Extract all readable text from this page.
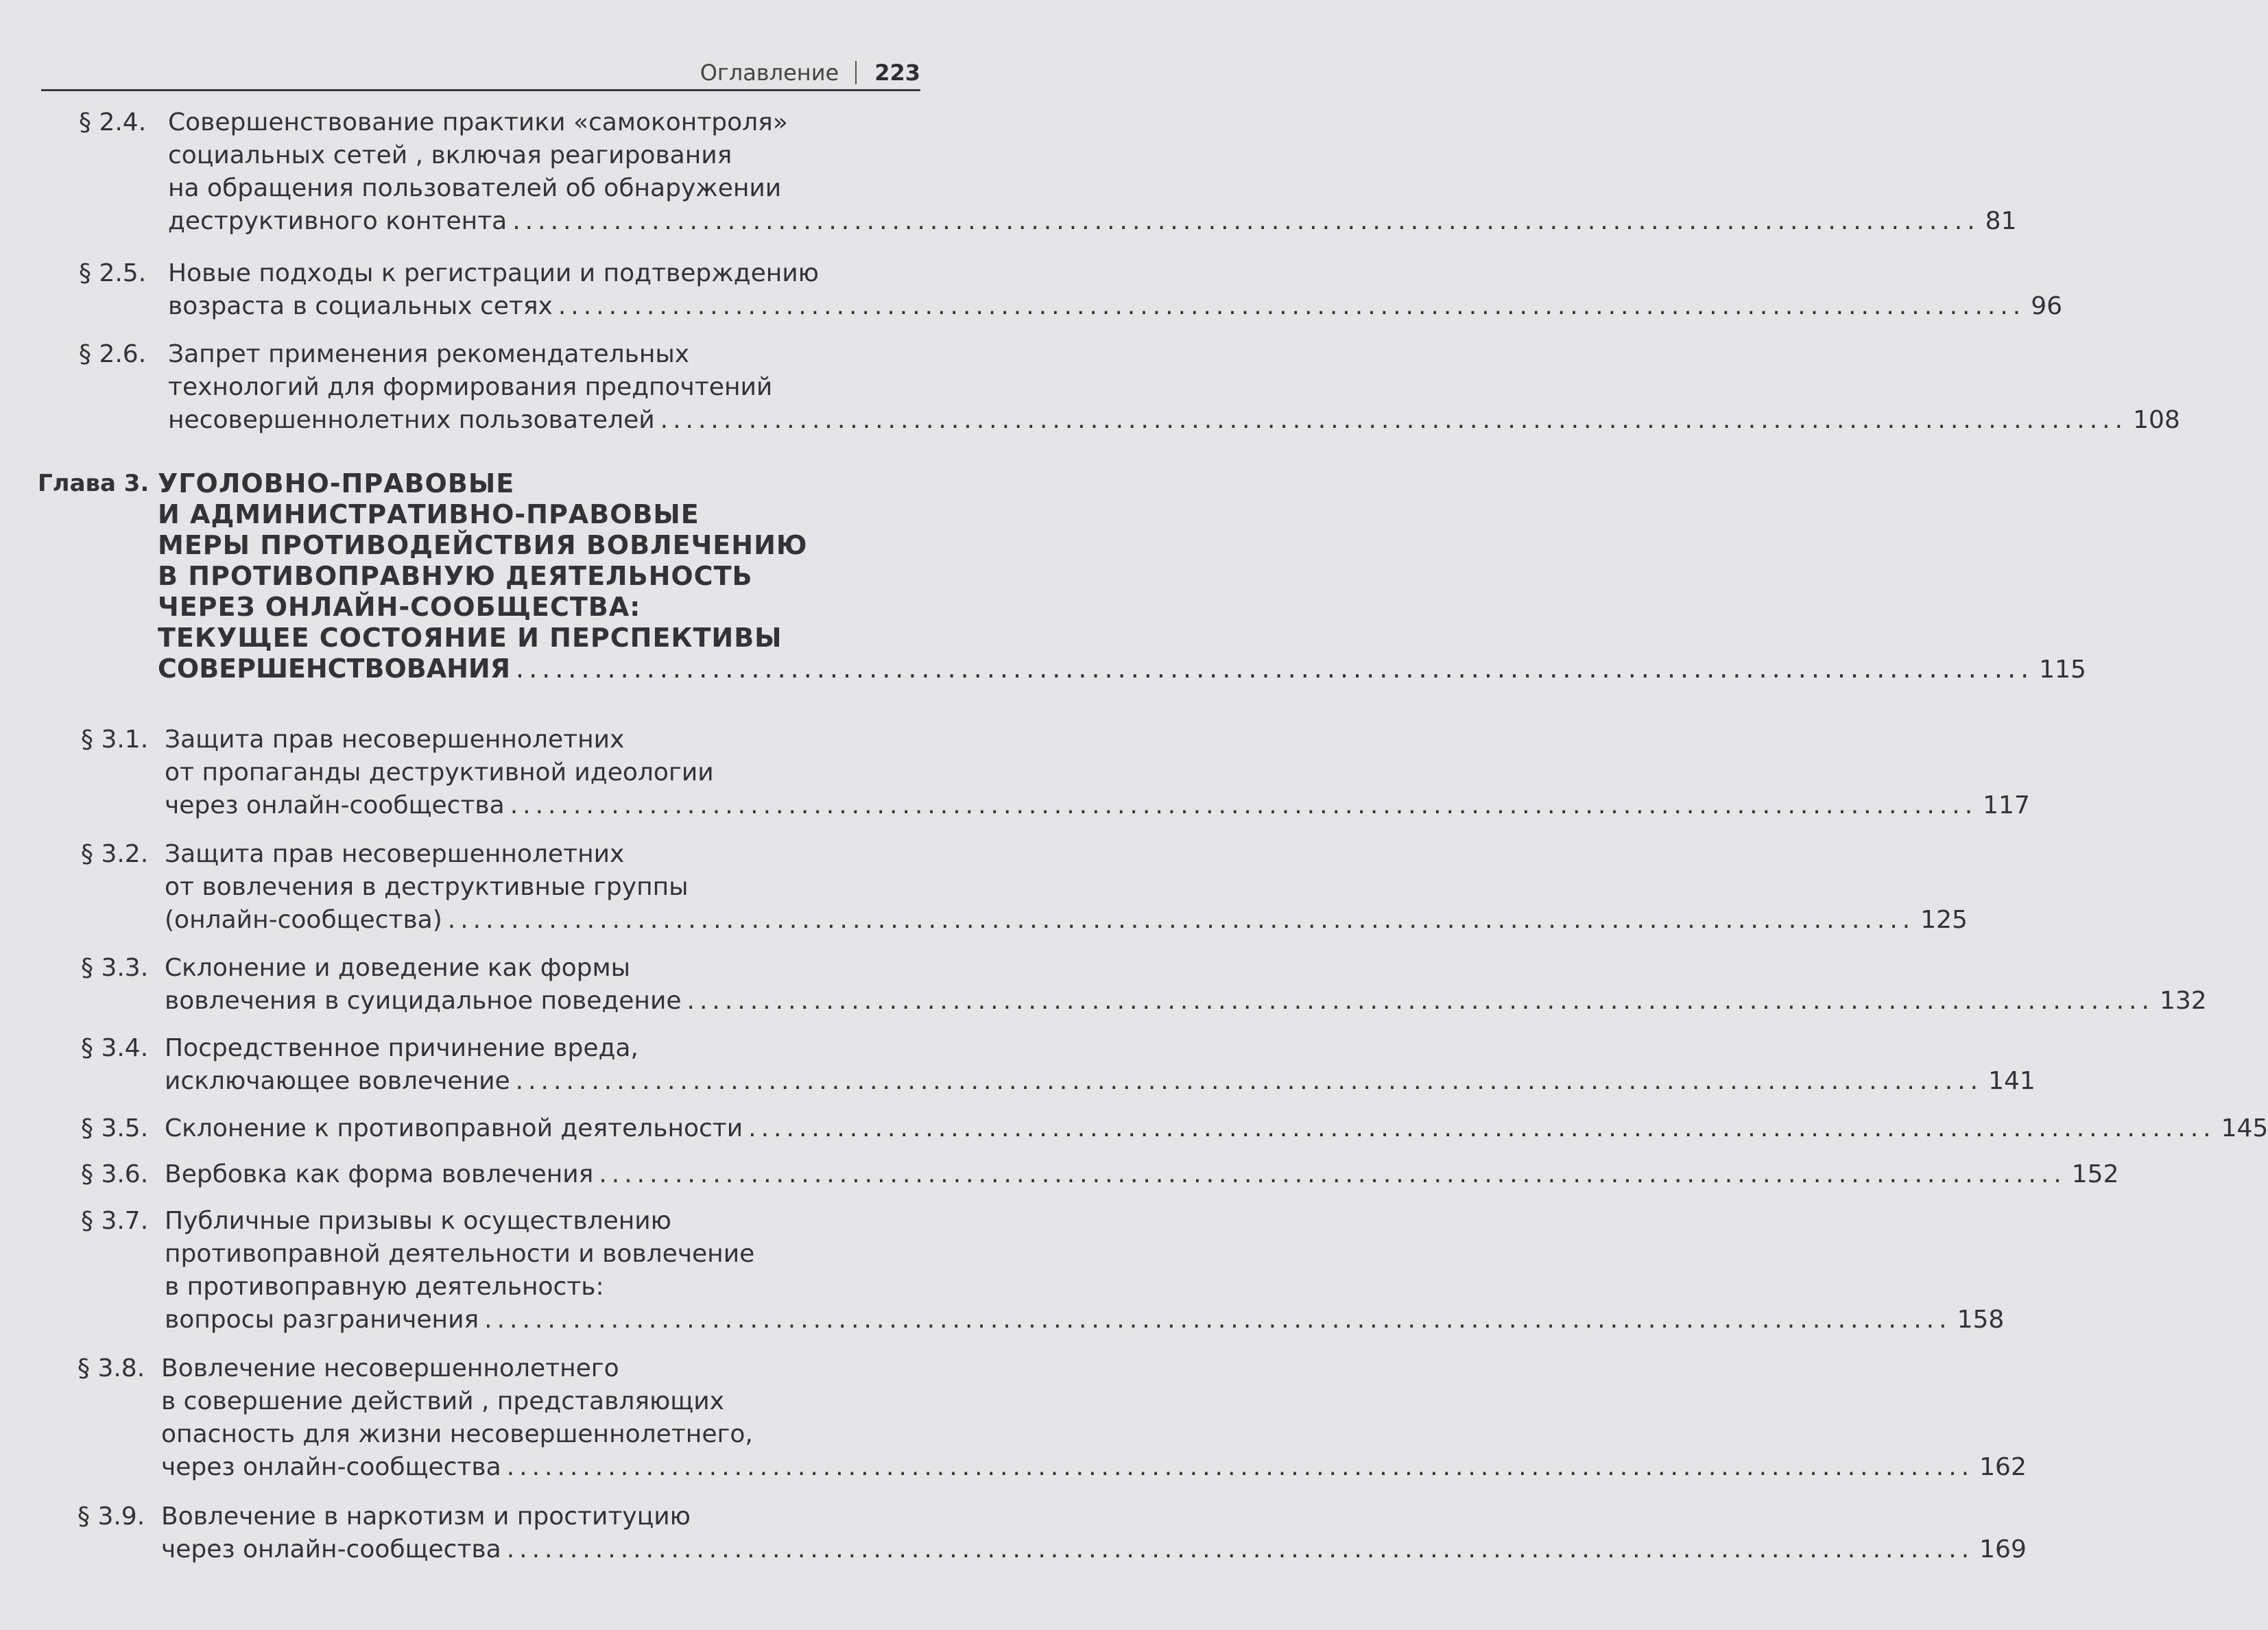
Оглавление 223
§ 2.4. Совершенствование практики «самоконтроля»
социальных сетей , включая реагирования
на обращения пользователей об обнаружении
деструктивного контента .................................................................................................................... 81
§ 2.5. Новые подходы к регистрации и подтверждению
возраста в социальных сетях .................................................................................................................... 96
§ 2.6. Запрет применения рекомендательных
технологий для формирования предпочтений
несовершеннолетних пользователей .................................................................................................................... 108
Глава 3. УГОЛОВНО-ПРАВОВЫЕ
И АДМИНИСТРАТИВНО-ПРАВОВЫЕ
МЕРЫ ПРОТИВОДЕЙСТВИЯ ВОВЛЕЧЕНИЮ
В ПРОТИВОПРАВНУЮ ДЕЯТЕЛЬНОСТЬ
ЧЕРЕЗ ОНЛАЙН-СООБЩЕСТВА:
ТЕКУЩЕЕ СОСТОЯНИЕ И ПЕРСПЕКТИВЫ
СОВЕРШЕНСТВОВАНИЯ .................................................................................................................... 115
§ 3.1. Защита прав несовершеннолетних
от пропаганды деструктивной идеологии
через онлайн-сообщества .................................................................................................................... 117
§ 3.2. Защита прав несовершеннолетних
от вовлечения в деструктивные группы
(онлайн-сообщества) .................................................................................................................... 125
§ 3.3. Склонение и доведение как формы
вовлечения в суицидальное поведение .................................................................................................................... 132
§ 3.4. Посредственное причинение вреда,
исключающее вовлечение .................................................................................................................... 141
§ 3.5. Склонение к противоправной деятельности .................................................................................................................... 145
§ 3.6. Вербовка как форма вовлечения .................................................................................................................... 152
§ 3.7. Публичные призывы к осуществлению
противоправной деятельности и вовлечение
в противоправную деятельность:
вопросы разграничения .................................................................................................................... 158
§ 3.8. Вовлечение несовершеннолетнего
в совершение действий , представляющих
опасность для жизни несовершеннолетнего,
через онлайн-сообщества .................................................................................................................... 162
§ 3.9. Вовлечение в наркотизм и проституцию
через онлайн-сообщества .................................................................................................................... 169
